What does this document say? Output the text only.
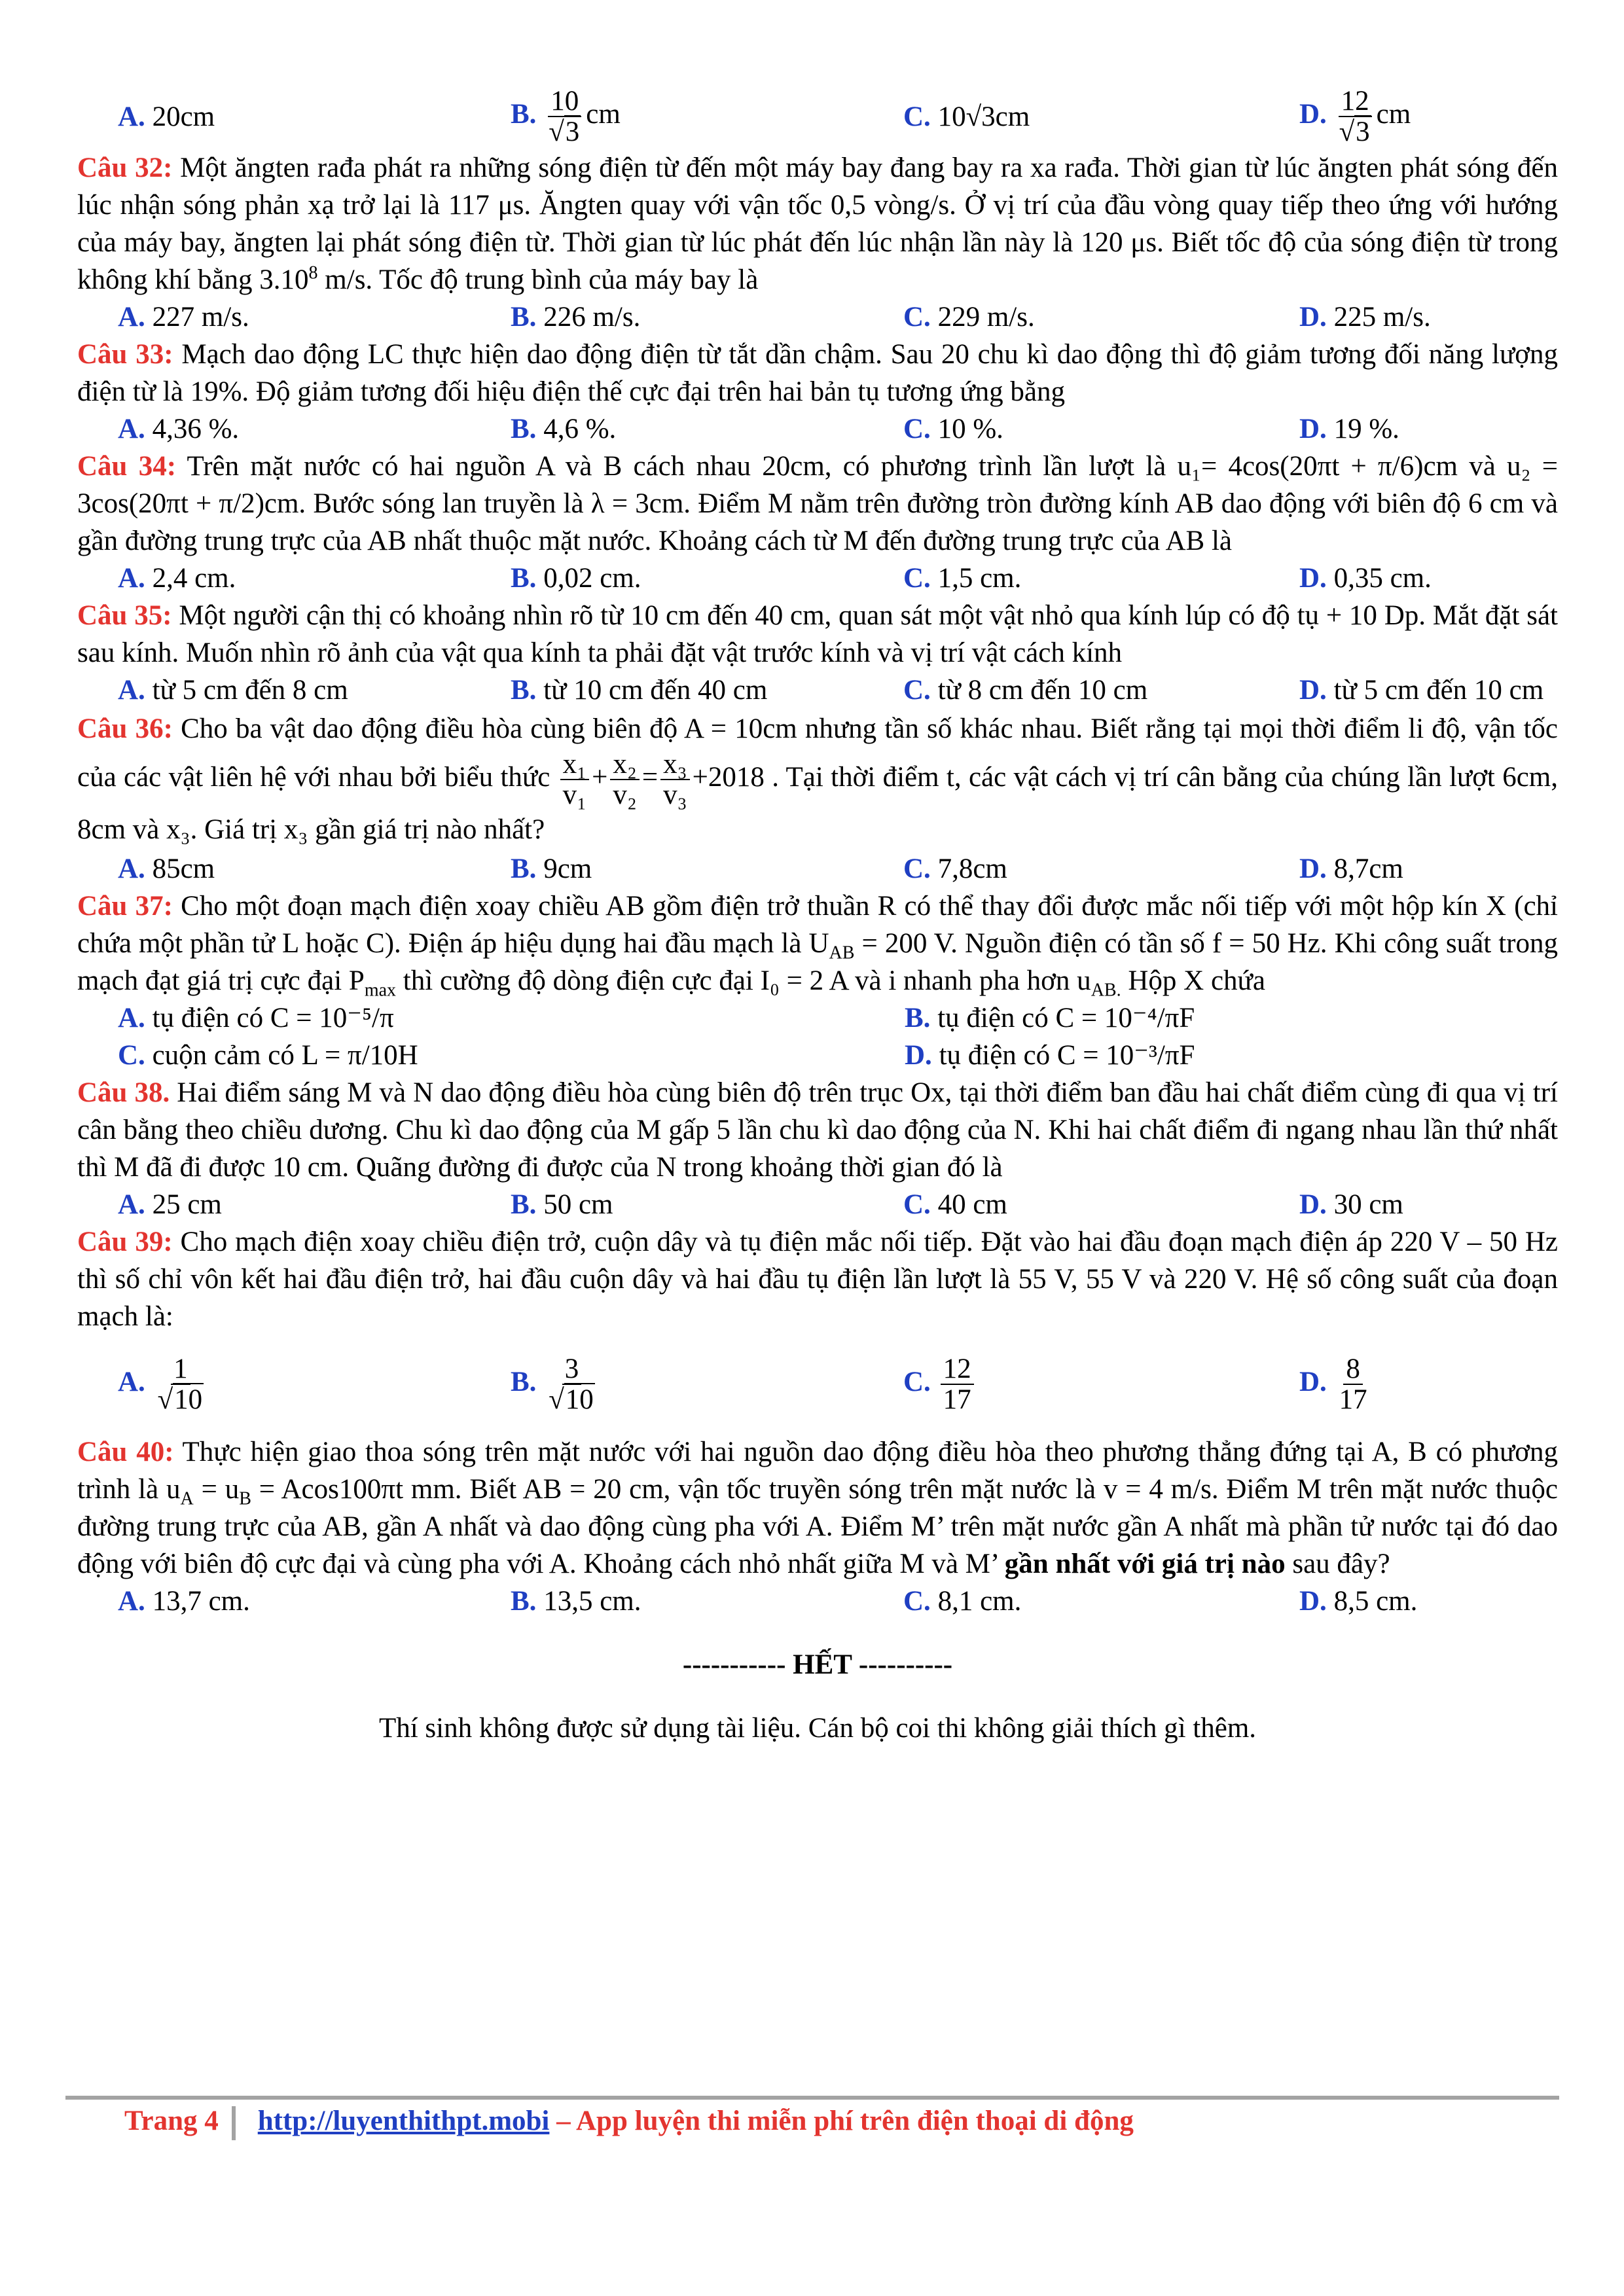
A. 20cm	B. $\frac{10}{√3}$ cm	C. 10√3cm	D. $\frac{12}{√3}$ cm
Câu 32: Một ăngten rađa phát ra những sóng điện từ đến một máy bay đang bay ra xa rađa. Thời gian từ lúc ăngten phát sóng đến lúc nhận sóng phản xạ trở lại là 117 μs. Ăngten quay với vận tốc 0,5 vòng/s. Ở vị trí của đầu vòng quay tiếp theo ứng với hướng của máy bay, ăngten lại phát sóng điện từ. Thời gian từ lúc phát đến lúc nhận lần này là 120 μs. Biết tốc độ của sóng điện từ trong không khí bằng 3.10$^8$ m/s. Tốc độ trung bình của máy bay là
A. 227 m/s.	B. 226 m/s.	C. 229 m/s.	D. 225 m/s.
Câu 33: Mạch dao động LC thực hiện dao động điện từ tắt dần chậm. Sau 20 chu kì dao động thì độ giảm tương đối năng lượng điện từ là 19%. Độ giảm tương đối hiệu điện thế cực đại trên hai bản tụ tương ứng bằng
A. 4,36 %.	B. 4,6 %.	C. 10 %.	D. 19 %.
Câu 34: Trên mặt nước có hai nguồn A và B cách nhau 20cm, có phương trình lần lượt là u₁= 4cos(20πt + π/6)cm và u₂ = 3cos(20πt + π/2)cm. Bước sóng lan truyền là λ = 3cm. Điểm M nằm trên đường tròn đường kính AB dao động với biên độ 6 cm và gần đường trung trực của AB nhất thuộc mặt nước. Khoảng cách từ M đến đường trung trực của AB là
A. 2,4 cm.	B. 0,02 cm.	C. 1,5 cm.	D. 0,35 cm.
Câu 35: Một người cận thị có khoảng nhìn rõ từ 10 cm đến 40 cm, quan sát một vật nhỏ qua kính lúp có độ tụ + 10 Dp. Mắt đặt sát sau kính. Muốn nhìn rõ ảnh của vật qua kính ta phải đặt vật trước kính và vị trí vật cách kính
A. từ 5 cm đến 8 cm	B. từ 10 cm đến 40 cm	C. từ 8 cm đến 10 cm	D. từ 5 cm đến 10 cm
Câu 36: Cho ba vật dao động điều hòa cùng biên độ A = 10cm nhưng tần số khác nhau. Biết rằng tại mọi thời điểm li độ, vận tốc của các vật liên hệ với nhau bởi biểu thức $\frac{\text{x₁}}{\text{v₁}} + \frac{\text{x₂}}{\text{v₂}} = \frac{\text{x₃}}{\text{v₃}} +2018$ . Tại thời điểm t, các vật cách vị trí cân bằng của chúng lần lượt 6cm, 8cm và x₃. Giá trị x₃ gần giá trị nào nhất?
A. 85cm	B. 9cm	C. 7,8cm	D. 8,7cm
Câu 37: Cho một đoạn mạch điện xoay chiều AB gồm điện trở thuần R có thể thay đổi được mắc nối tiếp với một hộp kín X (chỉ chứa một phần tử L hoặc C). Điện áp hiệu dụng hai đầu mạch là $U_{AB} = 200$ V. Nguồn điện có tần số f = 50 Hz. Khi công suất trong mạch đạt giá trị cực đại $P_{max}$ thì cường độ dòng điện cực đại I₀ = 2 A và i nhanh pha hơn $u_{AB.}$ Hộp X chứa
A. tụ điện có C = 10⁻⁵/π	B. tụ điện có C = 10⁻⁴/πF
C. cuộn cảm có L = π/10H	D. tụ điện có C = 10⁻³/πF
Câu 38. Hai điểm sáng M và N dao động điều hòa cùng biên độ trên trục Ox, tại thời điểm ban đầu hai chất điểm cùng đi qua vị trí cân bằng theo chiều dương. Chu kì dao động của M gấp 5 lần chu kì dao động của N. Khi hai chất điểm đi ngang nhau lần thứ nhất thì M đã đi được 10 cm. Quãng đường đi được của N trong khoảng thời gian đó là
A. 25 cm	B. 50 cm	C. 40 cm	D. 30 cm
Câu 39: Cho mạch điện xoay chiều điện trở, cuộn dây và tụ điện mắc nối tiếp. Đặt vào hai đầu đoạn mạch điện áp 220 V – 50 Hz thì số chỉ vôn kết hai đầu điện trở, hai đầu cuộn dây và hai đầu tụ điện lần lượt là 55 V, 55 V và 220 V. Hệ số công suất của đoạn mạch là:
A. $\frac{1}{√10}$	B. $\frac{3}{√10}$	C. $\frac{12}{17}$	D. $\frac{8}{17}$
Câu 40: Thực hiện giao thoa sóng trên mặt nước với hai nguồn dao động điều hòa theo phương thẳng đứng tại A, B có phương trình là $u_A = u_B = Acos100\pi t$ mm. Biết AB = 20 cm, vận tốc truyền sóng trên mặt nước là v = 4 m/s. Điểm M trên mặt nước thuộc đường trung trực của AB, gần A nhất và dao động cùng pha với A. Điểm M’ trên mặt nước gần A nhất mà phần tử nước tại đó dao động với biên độ cực đại và cùng pha với A. Khoảng cách nhỏ nhất giữa M và M’ gần nhất với giá trị nào sau đây?
A. 13,7 cm.	B. 13,5 cm.	C. 8,1 cm.	D. 8,5 cm.
----------- HẾT ----------
Thí sinh không được sử dụng tài liệu. Cán bộ coi thi không giải thích gì thêm.
Trang 4 http://luyenthithpt.mobi – App luyện thi miễn phí trên điện thoại di động
